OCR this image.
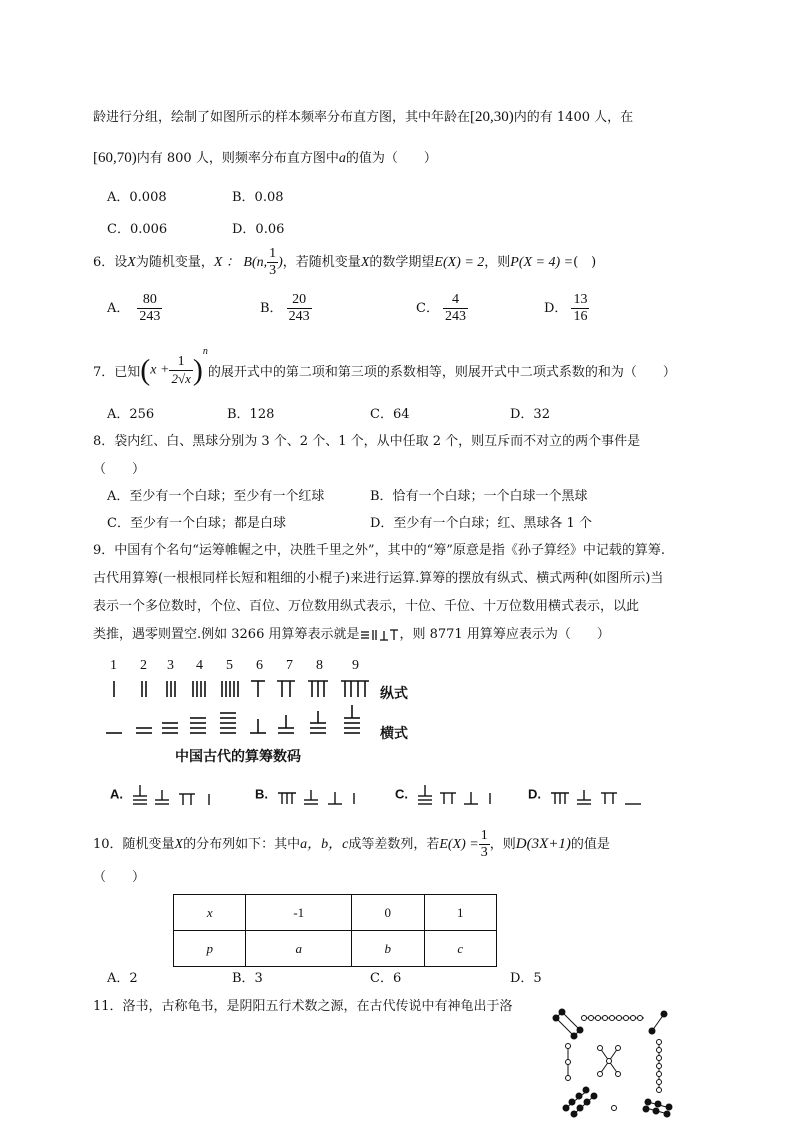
龄进行分组，绘制了如图所示的样本频率分布直方图，其中年龄在[20,30)内的有 1400 人，在
[60,70)内有 800 人，则频率分布直方图中a的值为（　　）
A．0.008	B．0.08
C．0.006	D．0.06
6．设X为随机变量，X ： B(n, $\frac{1}{3}$ )，若随机变量X的数学期望E(X) = 2，则P(X = 4) =(　)
A． $\frac{80}{243}$	B． $\frac{20}{243}$	C． $\frac{4}{243}$	D． $\frac{13}{16}$
7．已知$(x + \frac{1}{2√x} )^n$的展开式中的第二项和第三项的系数相等，则展开式中二项式系数的和为（　　）
A．256	B．128	C．64	D．32
8．袋内红、白、黑球分别为 3 个、2 个、1 个，从中任取 2 个，则互斥而不对立的两个事件是
（　　）
A．至少有一个白球；至少有一个红球	B．恰有一个白球；一个白球一个黑球
C．至少有一个白球；都是白球	D．至少有一个白球；红、黑球各 1 个
9．中国有个名句“运筹帷幄之中，决胜千里之外”，其中的“筹”原意是指《孙子算经》中记载的算筹.
古代用算筹(一根根同样长短和粗细的小棍子)来进行运算.算筹的摆放有纵式、横式两种(如图所示)当
表示一个多位数时，个位、百位、万位数用纵式表示，十位、千位、十万位数用横式表示，以此
类推，遇零则置空.例如 3266 用算筹表示就是	，则 8771 用算筹应表示为（　　）
1 2 3 4 5 6 7 8 9
纵式
横式
中国古代的算筹数码
A.	B.	C.	D.
10．随机变量X的分布列如下：其中a，b，c成等差数列，若$E(X) = \frac{1}{3}$ ，则D(3X+1)的值是
（　　）
x	-1	0	1
p	a	b	c
A．2	B．3	C．6	D．5
11．洛书，古称龟书，是阴阳五行术数之源，在古代传说中有神龟出于洛
